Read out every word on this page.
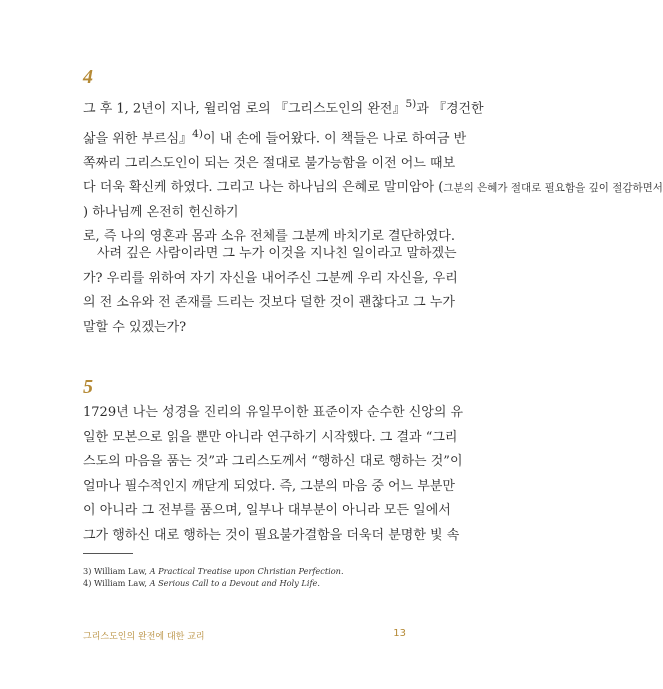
4

그 후 1, 2년이 지나, 윌리엄 로의 『그리스도인의 완전』$^{5)}$과 『경건한
삶을 위한 부르심』$^{4)}$이 내 손에 들어왔다. 이 책들은 나로 하여금 반
쪽짜리 그리스도인이 되는 것은 절대로 불가능함을 이전 어느 때보
다 더욱 확신케 하였다. 그리고 나는 하나님의 은혜로 말미암아 (그분의 은혜가 절대로 필요함을 깊이 절감하면서
) 하나님께 온전히 헌신하기
로, 즉 나의 영혼과 몸과 소유 전체를 그분께 바치기로 결단하였다.

사려 깊은 사람이라면 그 누가 이것을 지나친 일이라고 말하겠는
가? 우리를 위하여 자기 자신을 내어주신 그분께 우리 자신을, 우리
의 전 소유와 전 존재를 드리는 것보다 덜한 것이 괜찮다고 그 누가
말할 수 있겠는가?

5

1729년 나는 성경을 진리의 유일무이한 표준이자 순수한 신앙의 유
일한 모본으로 읽을 뿐만 아니라 연구하기 시작했다. 그 결과 “그리
스도의 마음을 품는 것”과 그리스도께서 “행하신 대로 행하는 것”이
얼마나 필수적인지 깨닫게 되었다. 즉, 그분의 마음 중 어느 부분만
이 아니라 그 전부를 품으며, 일부나 대부분이 아니라 모든 일에서
그가 행하신 대로 행하는 것이 필요불가결함을 더욱더 분명한 빛 속

3) William Law, A Practical Treatise upon Christian Perfection.
4) William Law, A Serious Call to a Devout and Holy Life.
그리스도인의 완전에 대한 교리	13
